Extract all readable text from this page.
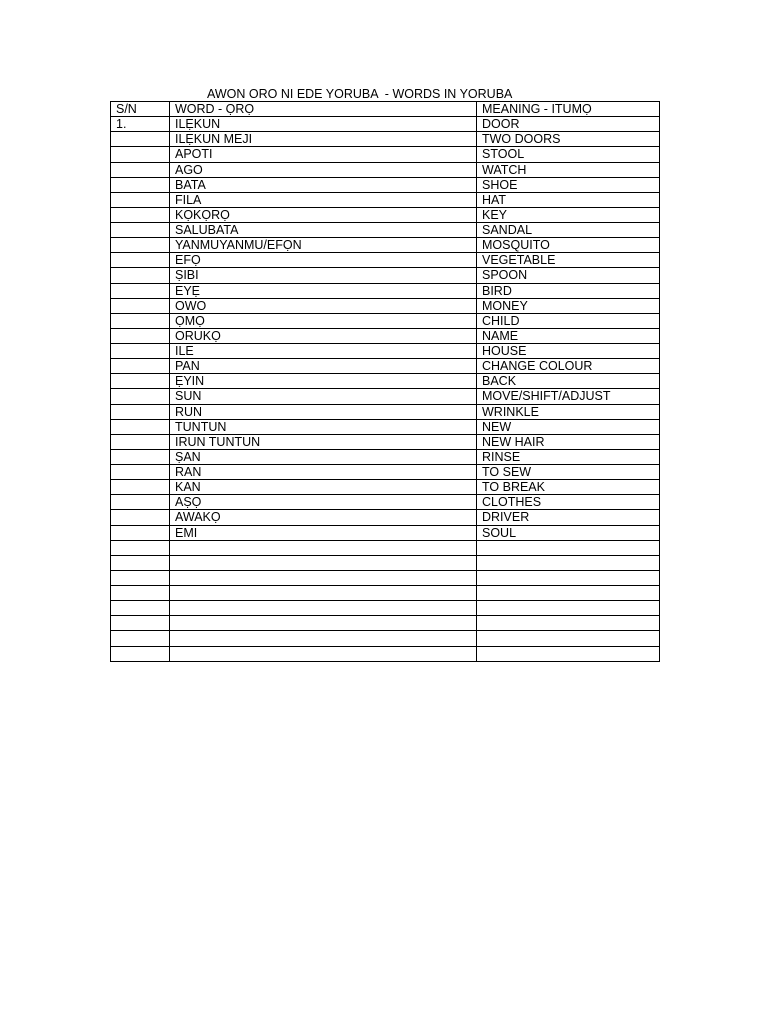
AWON ORO NI EDE YORUBA  - WORDS IN YORUBA
S/N	WORD - ỌRỌ	MEANING - ITUMỌ
1.	ILẸKUN	DOOR
	ILẸKUN MEJI	TWO DOORS
	APOTI	STOOL
	AGO	WATCH
	BATA	SHOE
	FILA	HAT
	KỌKỌRỌ	KEY
	SALUBATA	SANDAL
	YANMUYANMU/EFỌN	MOSQUITO
	EFỌ	VEGETABLE
	ṢIBI	SPOON
	EYẸ	BIRD
	OWO	MONEY
	ỌMỌ	CHILD
	ORUKỌ	NAME
	ILE	HOUSE
	PAN	CHANGE COLOUR
	ẸYIN	BACK
	SUN	MOVE/SHIFT/ADJUST
	RUN	WRINKLE
	TUNTUN	NEW
	IRUN TUNTUN	NEW HAIR
	ṢAN	RINSE
	RAN	TO SEW
	KAN	TO BREAK
	AṢỌ	CLOTHES
	AWAKỌ	DRIVER
	EMI	SOUL
